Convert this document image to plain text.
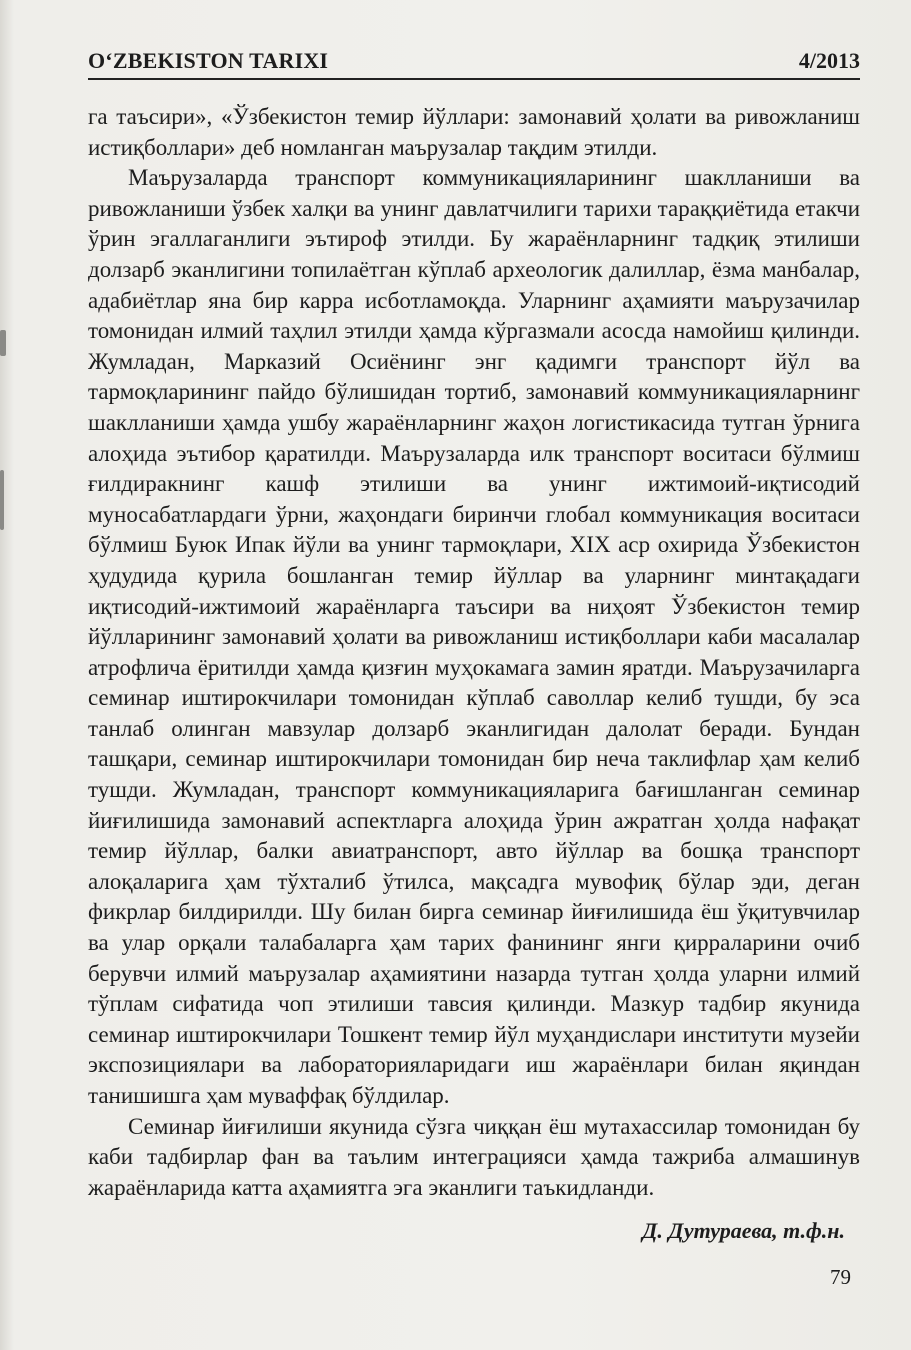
O‘ZBEKISTON TARIXI	4/2013

га таъсири», «Ўзбекистон темир йўллари: замонавий ҳолати ва ривожланиш истиқболлари» деб номланган маърузалар тақдим этилди.

Маърузаларда транспорт коммуникацияларининг шаклланиши ва ривожланиши ўзбек халқи ва унинг давлатчилиги тарихи тараққиётида етакчи ўрин эгаллаганлиги эътироф этилди. Бу жараёнларнинг тадқиқ этилиши долзарб эканлигини топилаётган кўплаб археологик далиллар, ёзма манбалар, адабиётлар яна бир карра исботламоқда. Уларнинг аҳамияти маърузачилар томонидан илмий таҳлил этилди ҳамда кўргазмали асосда намойиш қилинди. Жумладан, Марказий Осиёнинг энг қадимги транспорт йўл ва тармоқларининг пайдо бўлишидан тортиб, замонавий коммуникацияларнинг шаклланиши ҳамда ушбу жараёнларнинг жаҳон логистикасида тутган ўрнига алоҳида эътибор қаратилди. Маърузаларда илк транспорт воситаси бўлмиш ғилдиракнинг кашф этилиши ва унинг ижтимоий-иқтисодий муносабатлардаги ўрни, жаҳондаги биринчи глобал коммуникация воситаси бўлмиш Буюк Ипак йўли ва унинг тармоқлари, XIX аср охирида Ўзбекистон ҳудудида қурила бошланган темир йўллар ва уларнинг минтақадаги иқтисодий-ижтимоий жараёнларга таъсири ва ниҳоят Ўзбекистон темир йўлларининг замонавий ҳолати ва ривожланиш истиқболлари каби масалалар атрофлича ёритилди ҳамда қизғин муҳокамага замин яратди. Маърузачиларга семинар иштирокчилари томонидан кўплаб саволлар келиб тушди, бу эса танлаб олинган мавзулар долзарб эканлигидан далолат беради. Бундан ташқари, семинар иштирокчилари томонидан бир неча таклифлар ҳам келиб тушди. Жумладан, транспорт коммуникацияларига бағишланган семинар йиғилишида замонавий аспектларга алоҳида ўрин ажратган ҳолда нафақат темир йўллар, балки авиатранспорт, авто йўллар ва бошқа транспорт алоқаларига ҳам тўхталиб ўтилса, мақсадга мувофиқ бўлар эди, деган фикрлар билдирилди. Шу билан бирга семинар йиғилишида ёш ўқитувчилар ва улар орқали талабаларга ҳам тарих фанининг янги қирраларини очиб берувчи илмий маърузалар аҳамиятини назарда тутган ҳолда уларни илмий тўплам сифатида чоп этилиши тавсия қилинди. Мазкур тадбир якунида семинар иштирокчилари Тошкент темир йўл муҳандислари институти музейи экспозициялари ва лабораторияларидаги иш жараёнлари билан яқиндан танишишга ҳам муваффақ бўлдилар.

Семинар йиғилиши якунида сўзга чиққан ёш мутахассилар томонидан бу каби тадбирлар фан ва таълим интеграцияси ҳамда тажриба алмашинув жараёнларида катта аҳамиятга эга эканлиги таъкидланди.

Д. Дутураева, т.ф.н.
79
